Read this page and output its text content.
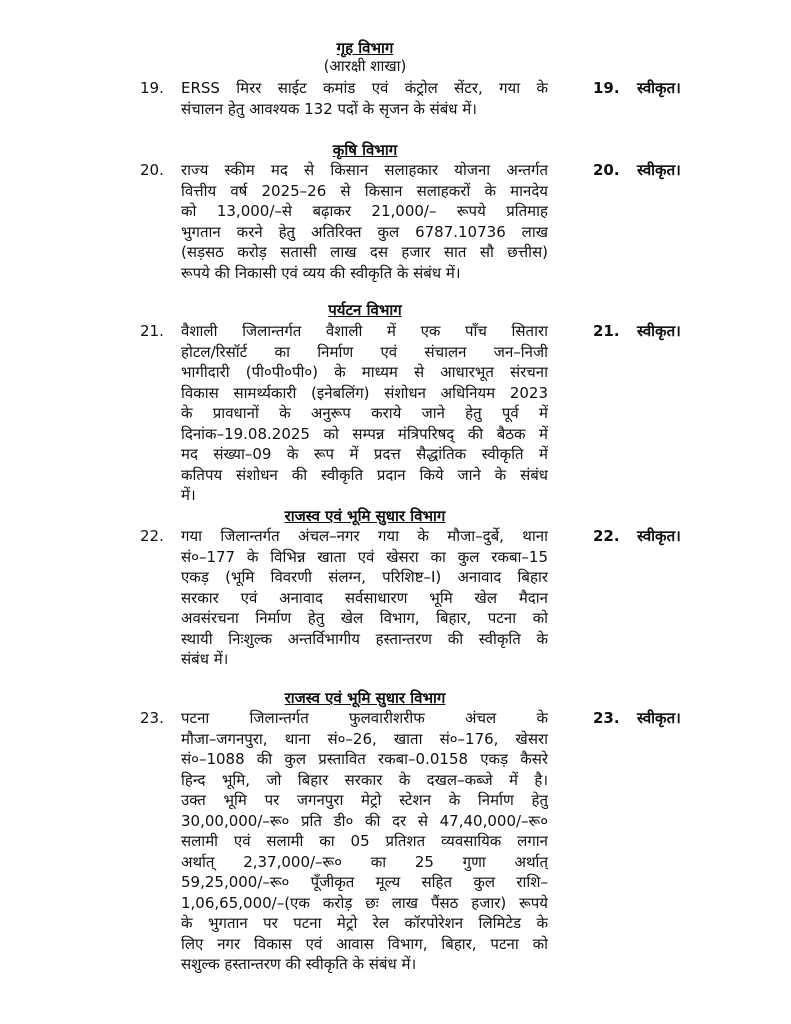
गृह विभाग
(आरक्षी शाखा)
19. ERSS मिरर साईट कमांड एवं कंट्रोल सेंटर, गया के
संचालन हेतु आवश्यक 132 पदों के सृजन के संबंध में।
19. स्वीकृत।
कृषि विभाग
20. राज्य स्कीम मद से किसान सलाहकार योजना अन्तर्गत
वित्तीय वर्ष 2025–26 से किसान सलाहकरों के मानदेय
को 13,000/–से बढ़ाकर 21,000/– रूपये प्रतिमाह
भुगतान करने हेतु अतिरिक्त कुल 6787.10736 लाख
(सड़सठ करोड़ सतासी लाख दस हजार सात सौ छत्तीस)
रूपये की निकासी एवं व्यय की स्वीकृति के संबंध में।
20. स्वीकृत।
पर्यटन विभाग
21. वैशाली जिलान्तर्गत वैशाली में एक पाँच सितारा
होटल/रिसॉर्ट का निर्माण एवं संचालन जन–निजी
भागीदारी (पी०पी०पी०) के माध्यम से आधारभूत संरचना
विकास सामर्थ्यकारी (इनेबलिंग) संशोधन अधिनियम 2023
के प्रावधानों के अनुरूप कराये जाने हेतु पूर्व में
दिनांक–19.08.2025 को सम्पन्न मंत्रिपरिषद् की बैठक में
मद संख्या–09 के रूप में प्रदत्त सैद्धांतिक स्वीकृति में
कतिपय संशोधन की स्वीकृति प्रदान किये जाने के संबंध
में।
21. स्वीकृत।
राजस्व एवं भूमि सुधार विभाग
22. गया जिलान्तर्गत अंचल–नगर गया के मौजा–दुर्बे, थाना
सं०–177 के विभिन्न खाता एवं खेसरा का कुल रकबा–15
एकड़ (भूमि विवरणी संलग्न, परिशिष्ट–I) अनावाद बिहार
सरकार एवं अनावाद सर्वसाधारण भूमि खेल मैदान
अवसंरचना निर्माण हेतु खेल विभाग, बिहार, पटना को
स्थायी निःशुल्क अन्तर्विभागीय हस्तान्तरण की स्वीकृति के
संबंध में।
22. स्वीकृत।
राजस्व एवं भूमि सुधार विभाग
23. पटना जिलान्तर्गत फुलवारीशरीफ अंचल के
मौजा–जगनपुरा, थाना सं०–26, खाता सं०–176, खेसरा
सं०–1088 की कुल प्रस्तावित रकबा–0.0158 एकड़ कैसरे
हिन्द भूमि, जो बिहार सरकार के दखल–कब्जे में है।
उक्त भूमि पर जगनपुरा मेट्रो स्टेशन के निर्माण हेतु
30,00,000/–रू० प्रति डी० की दर से 47,40,000/–रू०
सलामी एवं सलामी का 05 प्रतिशत व्यवसायिक लगान
अर्थात् 2,37,000/–रू० का 25 गुणा अर्थात्
59,25,000/–रू० पूँजीकृत मूल्य सहित कुल राशि–
1,06,65,000/–(एक करोड़ छः लाख पैंसठ हजार) रूपये
के भुगतान पर पटना मेट्रो रेल कॉरपोरेशन लिमिटेड के
लिए नगर विकास एवं आवास विभाग, बिहार, पटना को
सशुल्क हस्तान्तरण की स्वीकृति के संबंध में।
23. स्वीकृत।
